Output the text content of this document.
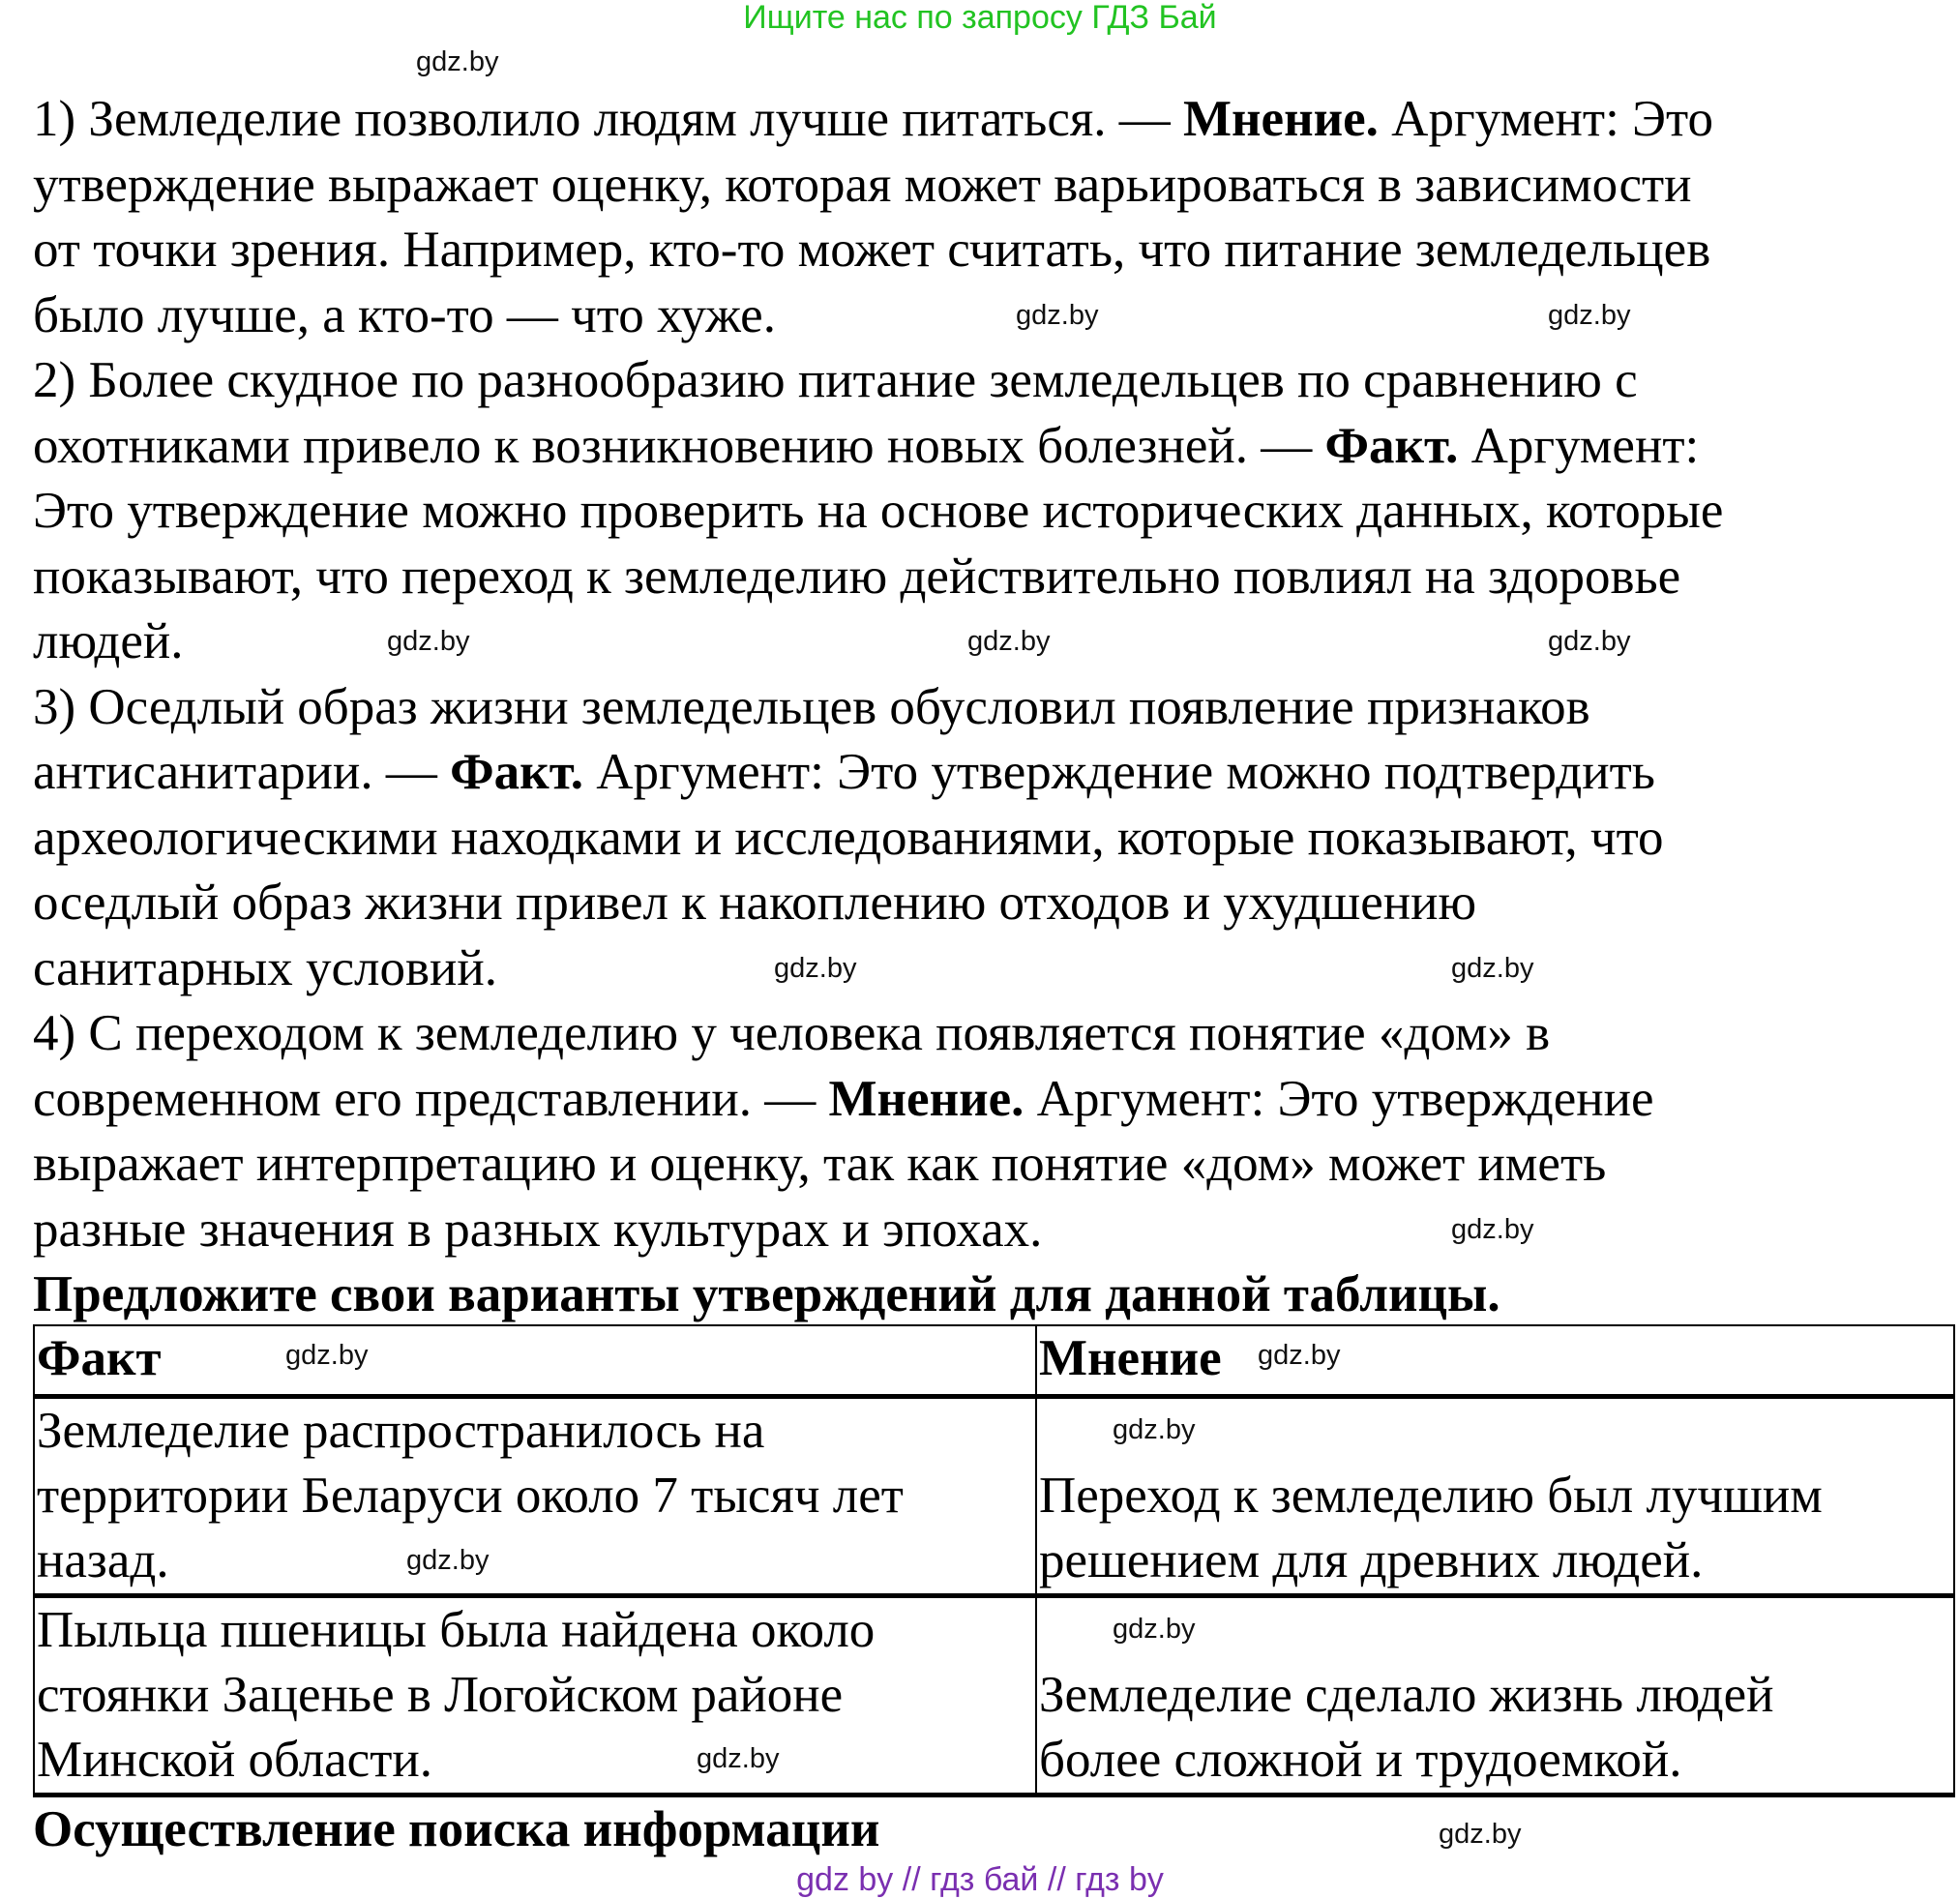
Ищите нас по запросу ГДЗ Бай
1) Земледелие позволило людям лучше питаться. — Мнение. Аргумент: Это
утверждение выражает оценку, которая может варьироваться в зависимости
от точки зрения. Например, кто-то может считать, что питание земледельцев
было лучше, а кто-то — что хуже.
2) Более скудное по разнообразию питание земледельцев по сравнению с
охотниками привело к возникновению новых болезней. — Факт. Аргумент:
Это утверждение можно проверить на основе исторических данных, которые
показывают, что переход к земледелию действительно повлиял на здоровье
людей.
3) Оседлый образ жизни земледельцев обусловил появление признаков
антисанитарии. — Факт. Аргумент: Это утверждение можно подтвердить
археологическими находками и исследованиями, которые показывают, что
оседлый образ жизни привел к накоплению отходов и ухудшению
санитарных условий.
4) С переходом к земледелию у человека появляется понятие «дом» в
современном его представлении. — Мнение. Аргумент: Это утверждение
выражает интерпретацию и оценку, так как понятие «дом» может иметь
разные значения в разных культурах и эпохах.
Предложите свои варианты утверждений для данной таблицы.
Факт	Мнение

Земледелие распространилось на
территории Беларуси около 7 тысяч лет
назад.	Переход к земледелию был лучшим
решением для древних людей.

Пыльца пшеницы была найдена около
стоянки Заценье в Логойском районе
Минской области.	Земледелие сделало жизнь людей
более сложной и трудоемкой.
Осуществление поиска информации
gdz.by
gdz.by	gdz.by
gdz.by	gdz.by	gdz.by
gdz.by	gdz.by
gdz.by
gdz.by	gdz.by
gdz.by
gdz.by
gdz.by
gdz.by
gdz.by
gdz by // гдз бай // гдз by
